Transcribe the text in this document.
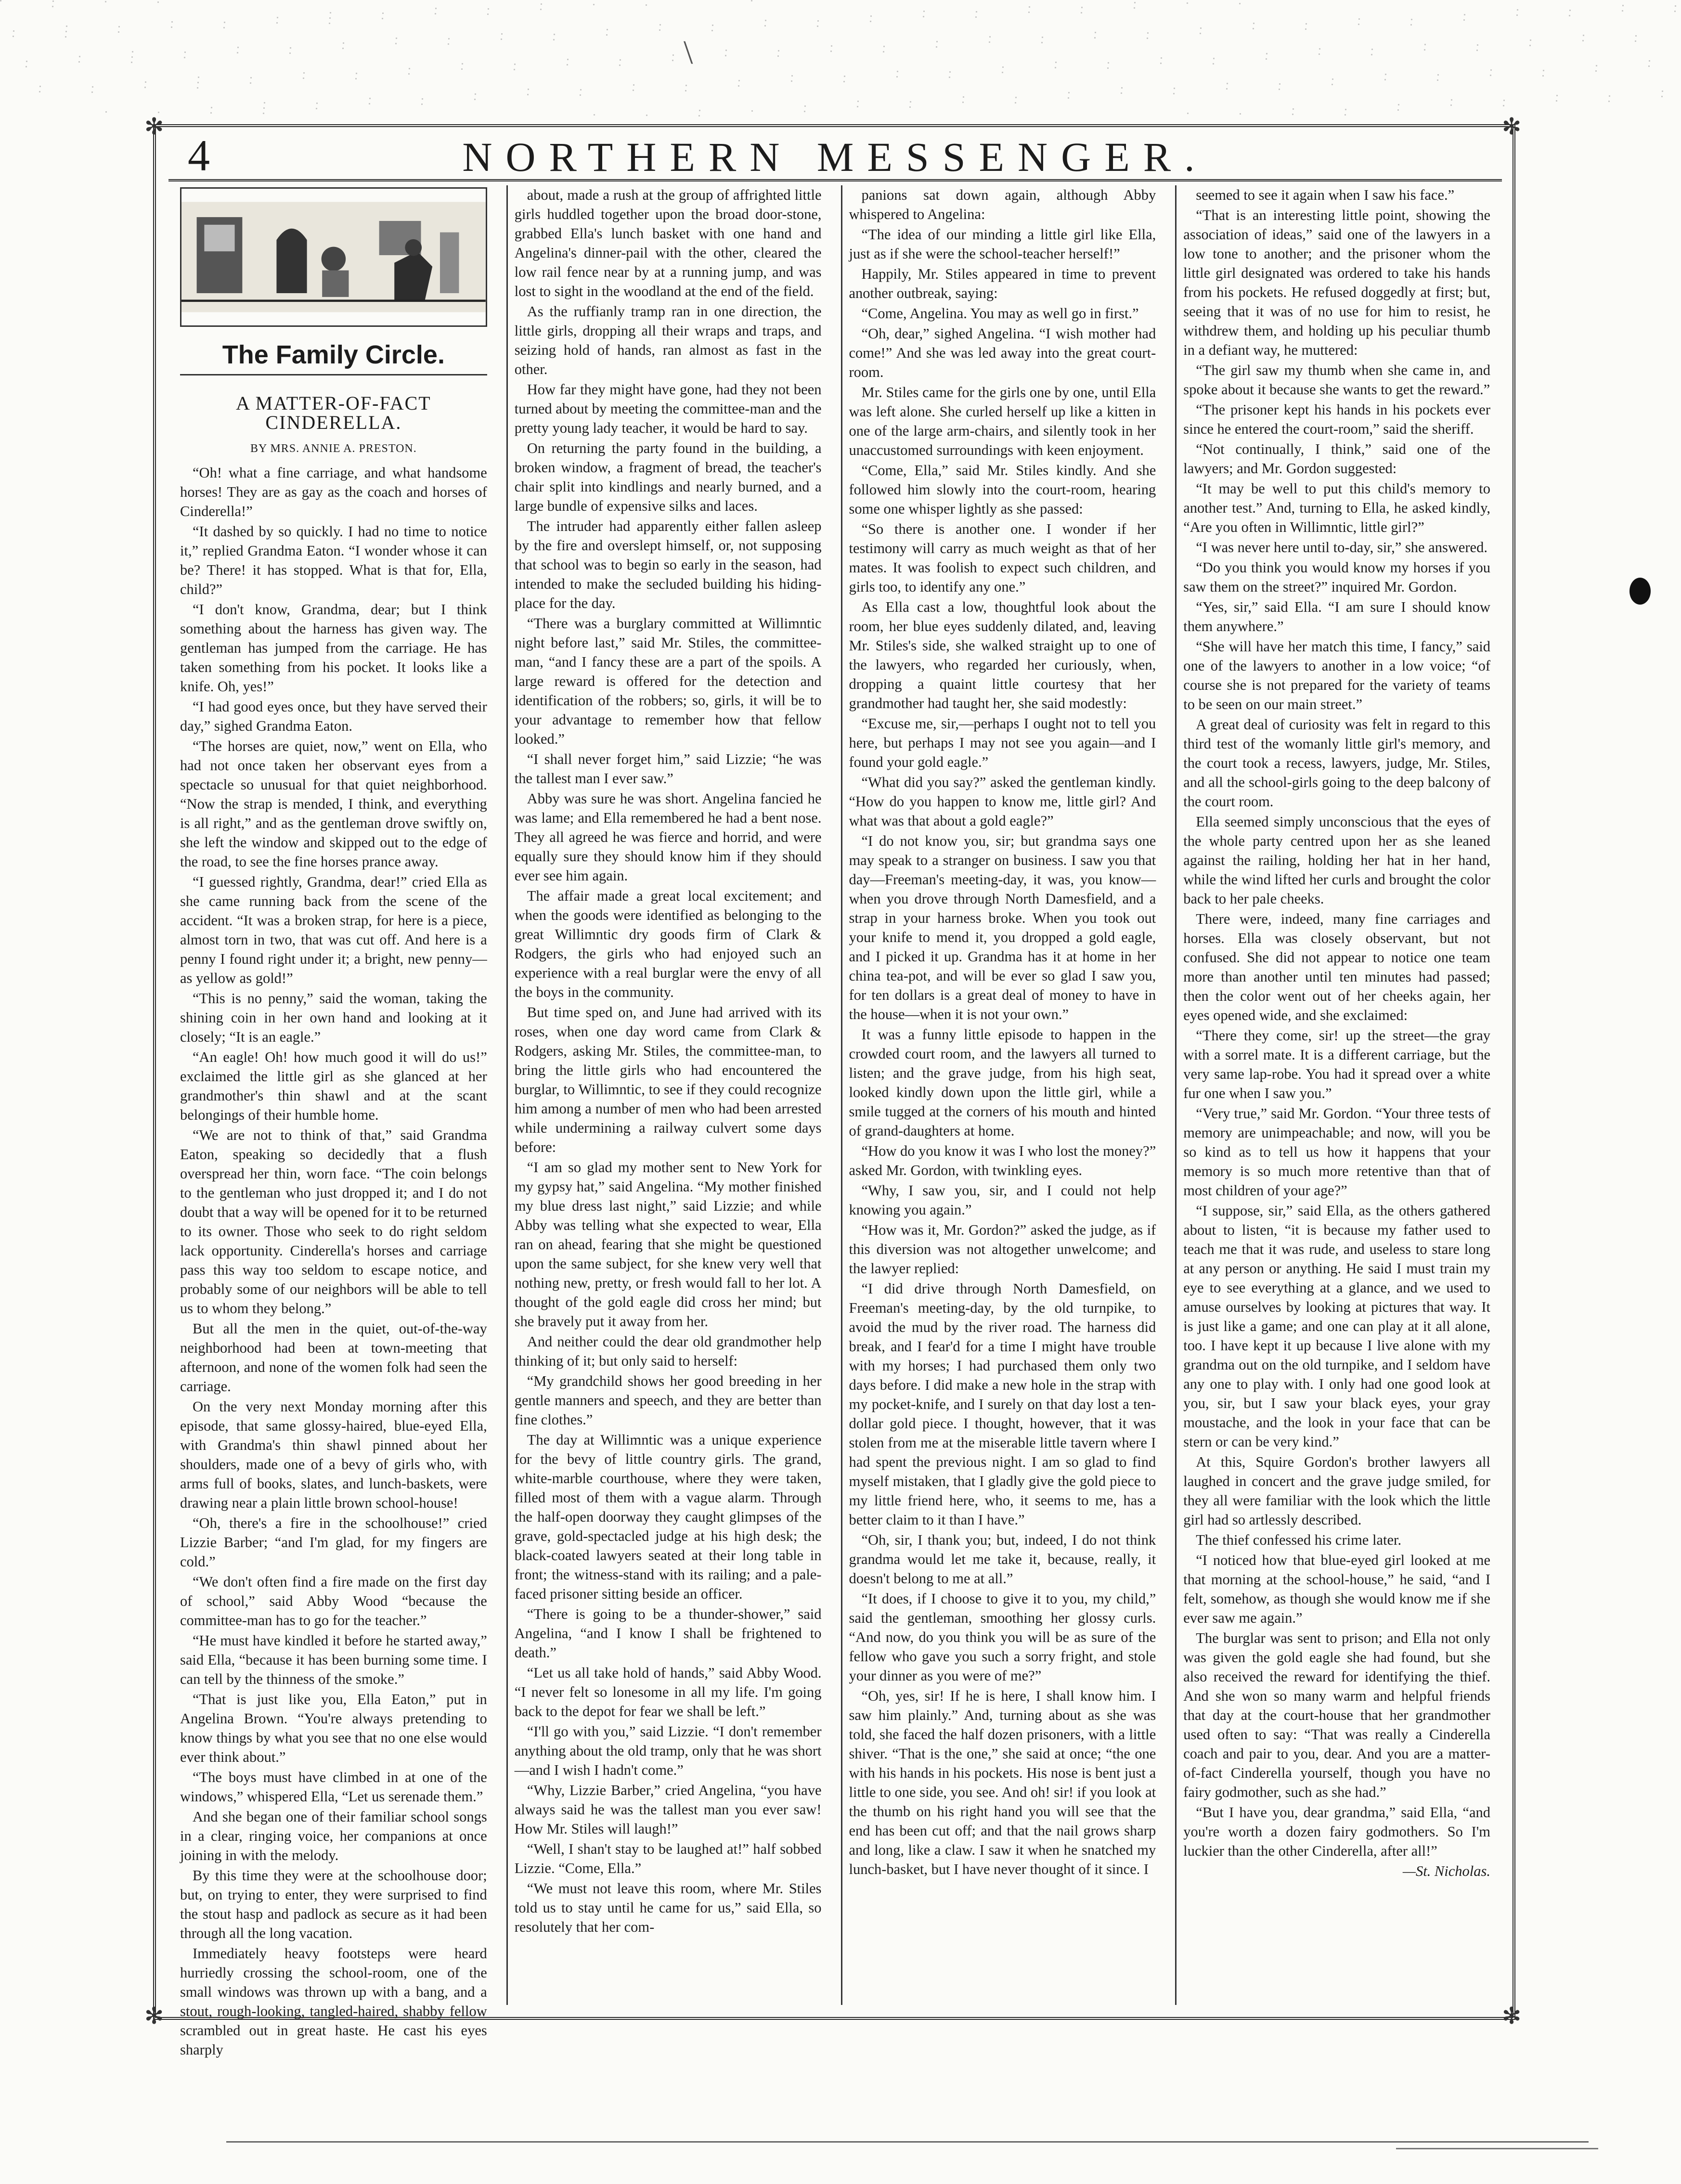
\
✻	✻
✻	✻
4	NORTHERN MESSENGER.
The Family Circle.
A MATTER-OF-FACT CINDERELLA.
BY MRS. ANNIE A. PRESTON.

“Oh! what a fine carriage, and what handsome horses! They are as gay as the coach and horses of Cinderella!”

“It dashed by so quickly. I had no time to notice it,” replied Grandma Eaton. “I wonder whose it can be? There! it has stopped. What is that for, Ella, child?”

“I don't know, Grandma, dear; but I think something about the harness has given way. The gentleman has jumped from the carriage. He has taken something from his pocket. It looks like a knife. Oh, yes!”

“I had good eyes once, but they have served their day,” sighed Grandma Eaton.

“The horses are quiet, now,” went on Ella, who had not once taken her observant eyes from a spectacle so unusual for that quiet neighborhood. “Now the strap is mended, I think, and everything is all right,” and as the gentleman drove swiftly on, she left the window and skipped out to the edge of the road, to see the fine horses prance away.

“I guessed rightly, Grandma, dear!” cried Ella as she came running back from the scene of the accident. “It was a broken strap, for here is a piece, almost torn in two, that was cut off. And here is a penny I found right under it; a bright, new penny—as yellow as gold!”

“This is no penny,” said the woman, taking the shining coin in her own hand and looking at it closely; “It is an eagle.”

“An eagle! Oh! how much good it will do us!” exclaimed the little girl as she glanced at her grandmother's thin shawl and at the scant belongings of their humble home.

“We are not to think of that,” said Grandma Eaton, speaking so decidedly that a flush overspread her thin, worn face. “The coin belongs to the gentleman who just dropped it; and I do not doubt that a way will be opened for it to be returned to its owner. Those who seek to do right seldom lack opportunity. Cinderella's horses and carriage pass this way too seldom to escape notice, and probably some of our neighbors will be able to tell us to whom they belong.”

But all the men in the quiet, out-of-the-way neighborhood had been at town-meeting that afternoon, and none of the women folk had seen the carriage.

On the very next Monday morning after this episode, that same glossy-haired, blue-eyed Ella, with Grandma's thin shawl pinned about her shoulders, made one of a bevy of girls who, with arms full of books, slates, and lunch-baskets, were drawing near a plain little brown school-house!

“Oh, there's a fire in the schoolhouse!” cried Lizzie Barber; “and I'm glad, for my fingers are cold.”

“We don't often find a fire made on the first day of school,” said Abby Wood “because the committee-man has to go for the teacher.”

“He must have kindled it before he started away,” said Ella, “because it has been burning some time. I can tell by the thinness of the smoke.”

“That is just like you, Ella Eaton,” put in Angelina Brown. “You're always pretending to know things by what you see that no one else would ever think about.”

“The boys must have climbed in at one of the windows,” whispered Ella, “Let us serenade them.”

And she began one of their familiar school songs in a clear, ringing voice, her companions at once joining in with the melody.

By this time they were at the schoolhouse door; but, on trying to enter, they were surprised to find the stout hasp and padlock as secure as it had been through all the long vacation.

Immediately heavy footsteps were heard hurriedly crossing the school-room, one of the small windows was thrown up with a bang, and a stout, rough-looking, tangled-haired, shabby fellow scrambled out in great haste. He cast his eyes sharply

about, made a rush at the group of affrighted little girls huddled together upon the broad door-stone, grabbed Ella's lunch basket with one hand and Angelina's dinner-pail with the other, cleared the low rail fence near by at a running jump, and was lost to sight in the woodland at the end of the field.

As the ruffianly tramp ran in one direction, the little girls, dropping all their wraps and traps, and seizing hold of hands, ran almost as fast in the other.

How far they might have gone, had they not been turned about by meeting the committee-man and the pretty young lady teacher, it would be hard to say.

On returning the party found in the building, a broken window, a fragment of bread, the teacher's chair split into kindlings and nearly burned, and a large bundle of expensive silks and laces.

The intruder had apparently either fallen asleep by the fire and overslept himself, or, not supposing that school was to begin so early in the season, had intended to make the secluded building his hiding-place for the day.

“There was a burglary committed at Willimntic night before last,” said Mr. Stiles, the committee-man, “and I fancy these are a part of the spoils. A large reward is offered for the detection and identification of the robbers; so, girls, it will be to your advantage to remember how that fellow looked.”

“I shall never forget him,” said Lizzie; “he was the tallest man I ever saw.”

Abby was sure he was short. Angelina fancied he was lame; and Ella remembered he had a bent nose. They all agreed he was fierce and horrid, and were equally sure they should know him if they should ever see him again.

The affair made a great local excitement; and when the goods were identified as belonging to the great Willimntic dry goods firm of Clark & Rodgers, the girls who had enjoyed such an experience with a real burglar were the envy of all the boys in the community.

But time sped on, and June had arrived with its roses, when one day word came from Clark & Rodgers, asking Mr. Stiles, the committee-man, to bring the little girls who had encountered the burglar, to Willimntic, to see if they could recognize him among a number of men who had been arrested while undermining a railway culvert some days before:

“I am so glad my mother sent to New York for my gypsy hat,” said Angelina. “My mother finished my blue dress last night,” said Lizzie; and while Abby was telling what she expected to wear, Ella ran on ahead, fearing that she might be questioned upon the same subject, for she knew very well that nothing new, pretty, or fresh would fall to her lot. A thought of the gold eagle did cross her mind; but she bravely put it away from her.

And neither could the dear old grandmother help thinking of it; but only said to herself:

“My grandchild shows her good breeding in her gentle manners and speech, and they are better than fine clothes.”

The day at Willimntic was a unique experience for the bevy of little country girls. The grand, white-marble courthouse, where they were taken, filled most of them with a vague alarm. Through the half-open doorway they caught glimpses of the grave, gold-spectacled judge at his high desk; the black-coated lawyers seated at their long table in front; the witness-stand with its railing; and a pale-faced prisoner sitting beside an officer.

“There is going to be a thunder-shower,” said Angelina, “and I know I shall be frightened to death.”

“Let us all take hold of hands,” said Abby Wood. “I never felt so lonesome in all my life. I'm going back to the depot for fear we shall be left.”

“I'll go with you,” said Lizzie. “I don't remember anything about the old tramp, only that he was short—and I wish I hadn't come.”

“Why, Lizzie Barber,” cried Angelina, “you have always said he was the tallest man you ever saw! How Mr. Stiles will laugh!”

“Well, I shan't stay to be laughed at!” half sobbed Lizzie. “Come, Ella.”

“We must not leave this room, where Mr. Stiles told us to stay until he came for us,” said Ella, so resolutely that her com-

panions sat down again, although Abby whispered to Angelina:

“The idea of our minding a little girl like Ella, just as if she were the school-teacher herself!”

Happily, Mr. Stiles appeared in time to prevent another outbreak, saying:

“Come, Angelina. You may as well go in first.”

“Oh, dear,” sighed Angelina. “I wish mother had come!” And she was led away into the great court-room.

Mr. Stiles came for the girls one by one, until Ella was left alone. She curled herself up like a kitten in one of the large arm-chairs, and silently took in her unaccustomed surroundings with keen enjoyment.

“Come, Ella,” said Mr. Stiles kindly. And she followed him slowly into the court-room, hearing some one whisper lightly as she passed:

“So there is another one. I wonder if her testimony will carry as much weight as that of her mates. It was foolish to expect such children, and girls too, to identify any one.”

As Ella cast a low, thoughtful look about the room, her blue eyes suddenly dilated, and, leaving Mr. Stiles's side, she walked straight up to one of the lawyers, who regarded her curiously, when, dropping a quaint little courtesy that her grandmother had taught her, she said modestly:

“Excuse me, sir,—perhaps I ought not to tell you here, but perhaps I may not see you again—and I found your gold eagle.”

“What did you say?” asked the gentleman kindly. “How do you happen to know me, little girl? And what was that about a gold eagle?”

“I do not know you, sir; but grandma says one may speak to a stranger on business. I saw you that day—Freeman's meeting-day, it was, you know—when you drove through North Damesfield, and a strap in your harness broke. When you took out your knife to mend it, you dropped a gold eagle, and I picked it up. Grandma has it at home in her china tea-pot, and will be ever so glad I saw you, for ten dollars is a great deal of money to have in the house—when it is not your own.”

It was a funny little episode to happen in the crowded court room, and the lawyers all turned to listen; and the grave judge, from his high seat, looked kindly down upon the little girl, while a smile tugged at the corners of his mouth and hinted of grand-daughters at home.

“How do you know it was I who lost the money?” asked Mr. Gordon, with twinkling eyes.

“Why, I saw you, sir, and I could not help knowing you again.”

“How was it, Mr. Gordon?” asked the judge, as if this diversion was not altogether unwelcome; and the lawyer replied:

“I did drive through North Damesfield, on Freeman's meeting-day, by the old turnpike, to avoid the mud by the river road. The harness did break, and I fear'd for a time I might have trouble with my horses; I had purchased them only two days before. I did make a new hole in the strap with my pocket-knife, and I surely on that day lost a ten-dollar gold piece. I thought, however, that it was stolen from me at the miserable little tavern where I had spent the previous night. I am so glad to find myself mistaken, that I gladly give the gold piece to my little friend here, who, it seems to me, has a better claim to it than I have.”

“Oh, sir, I thank you; but, indeed, I do not think grandma would let me take it, because, really, it doesn't belong to me at all.”

“It does, if I choose to give it to you, my child,” said the gentleman, smoothing her glossy curls. “And now, do you think you will be as sure of the fellow who gave you such a sorry fright, and stole your dinner as you were of me?”

“Oh, yes, sir! If he is here, I shall know him. I saw him plainly.” And, turning about as she was told, she faced the half dozen prisoners, with a little shiver. “That is the one,” she said at once; “the one with his hands in his pockets. His nose is bent just a little to one side, you see. And oh! sir! if you look at the thumb on his right hand you will see that the end has been cut off; and that the nail grows sharp and long, like a claw. I saw it when he snatched my lunch-basket, but I have never thought of it since. I

seemed to see it again when I saw his face.”

“That is an interesting little point, showing the association of ideas,” said one of the lawyers in a low tone to another; and the prisoner whom the little girl designated was ordered to take his hands from his pockets. He refused doggedly at first; but, seeing that it was of no use for him to resist, he withdrew them, and holding up his peculiar thumb in a defiant way, he muttered:

“The girl saw my thumb when she came in, and spoke about it because she wants to get the reward.”

“The prisoner kept his hands in his pockets ever since he entered the court-room,” said the sheriff.

“Not continually, I think,” said one of the lawyers; and Mr. Gordon suggested:

“It may be well to put this child's memory to another test.” And, turning to Ella, he asked kindly, “Are you often in Willimntic, little girl?”

“I was never here until to-day, sir,” she answered.

“Do you think you would know my horses if you saw them on the street?” inquired Mr. Gordon.

“Yes, sir,” said Ella. “I am sure I should know them anywhere.”

“She will have her match this time, I fancy,” said one of the lawyers to another in a low voice; “of course she is not prepared for the variety of teams to be seen on our main street.”

A great deal of curiosity was felt in regard to this third test of the womanly little girl's memory, and the court took a recess, lawyers, judge, Mr. Stiles, and all the school-girls going to the deep balcony of the court room.

Ella seemed simply unconscious that the eyes of the whole party centred upon her as she leaned against the railing, holding her hat in her hand, while the wind lifted her curls and brought the color back to her pale cheeks.

There were, indeed, many fine carriages and horses. Ella was closely observant, but not confused. She did not appear to notice one team more than another until ten minutes had passed; then the color went out of her cheeks again, her eyes opened wide, and she exclaimed:

“There they come, sir! up the street—the gray with a sorrel mate. It is a different carriage, but the very same lap-robe. You had it spread over a white fur one when I saw you.”

“Very true,” said Mr. Gordon. “Your three tests of memory are unimpeachable; and now, will you be so kind as to tell us how it happens that your memory is so much more retentive than that of most children of your age?”

“I suppose, sir,” said Ella, as the others gathered about to listen, “it is because my father used to teach me that it was rude, and useless to stare long at any person or anything. He said I must train my eye to see everything at a glance, and we used to amuse ourselves by looking at pictures that way. It is just like a game; and one can play at it all alone, too. I have kept it up because I live alone with my grandma out on the old turnpike, and I seldom have any one to play with. I only had one good look at you, sir, but I saw your black eyes, your gray moustache, and the look in your face that can be stern or can be very kind.”

At this, Squire Gordon's brother lawyers all laughed in concert and the grave judge smiled, for they all were familiar with the look which the little girl had so artlessly described.

The thief confessed his crime later.

“I noticed how that blue-eyed girl looked at me that morning at the school-house,” he said, “and I felt, somehow, as though she would know me if she ever saw me again.”

The burglar was sent to prison; and Ella not only was given the gold eagle she had found, but she also received the reward for identifying the thief. And she won so many warm and helpful friends that day at the court-house that her grandmother used often to say: “That was really a Cinderella coach and pair to you, dear. And you are a matter-of-fact Cinderella yourself, though you have no fairy godmother, such as she had.”

“But I have you, dear grandma,” said Ella, “and you're worth a dozen fairy godmothers. So I'm luckier than the other Cinderella, after all!”

—St. Nicholas.
